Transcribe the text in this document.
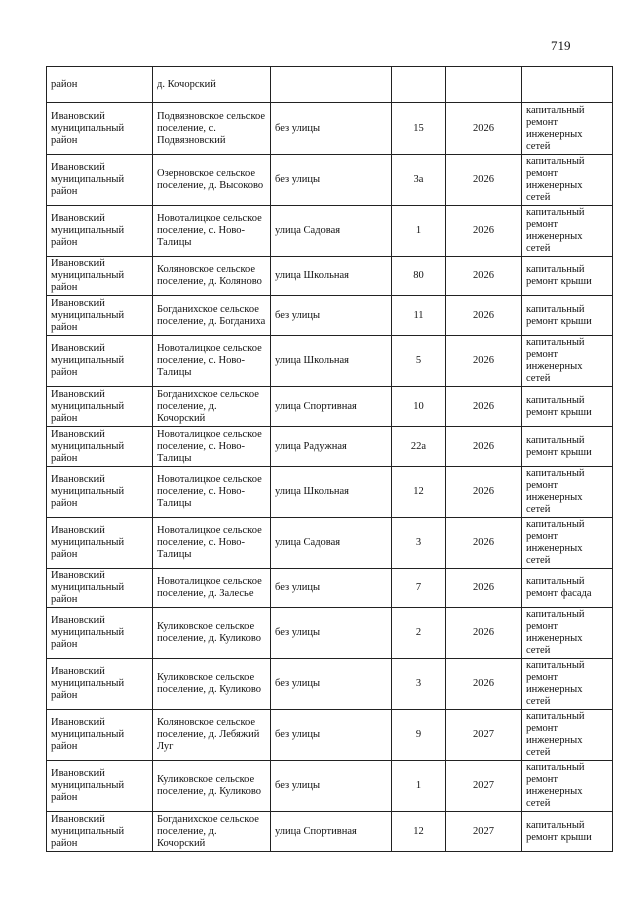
719
район	д. Кочорский				
Ивановский муниципальный район	Подвязновское сельское поселение, с. Подвязновский	без улицы	15	2026	капитальный ремонт инженерных сетей
Ивановский муниципальный район	Озерновское сельское поселение, д. Высоково	без улицы	3а	2026	капитальный ремонт инженерных сетей
Ивановский муниципальный район	Новоталицкое сельское поселение, с. Ново-Талицы	улица Садовая	1	2026	капитальный ремонт инженерных сетей
Ивановский муниципальный район	Коляновское сельское поселение, д. Коляново	улица Школьная	80	2026	капитальный ремонт крыши
Ивановский муниципальный район	Богданихское сельское поселение, д. Богданиха	без улицы	11	2026	капитальный ремонт крыши
Ивановский муниципальный район	Новоталицкое сельское поселение, с. Ново-Талицы	улица Школьная	5	2026	капитальный ремонт инженерных сетей
Ивановский муниципальный район	Богданихское сельское поселение, д. Кочорский	улица Спортивная	10	2026	капитальный ремонт крыши
Ивановский муниципальный район	Новоталицкое сельское поселение, с. Ново-Талицы	улица Радужная	22а	2026	капитальный ремонт крыши
Ивановский муниципальный район	Новоталицкое сельское поселение, с. Ново-Талицы	улица Школьная	12	2026	капитальный ремонт инженерных сетей
Ивановский муниципальный район	Новоталицкое сельское поселение, с. Ново-Талицы	улица Садовая	3	2026	капитальный ремонт инженерных сетей
Ивановский муниципальный район	Новоталицкое сельское поселение, д. Залесье	без улицы	7	2026	капитальный ремонт фасада
Ивановский муниципальный район	Куликовское сельское поселение, д. Куликово	без улицы	2	2026	капитальный ремонт инженерных сетей
Ивановский муниципальный район	Куликовское сельское поселение, д. Куликово	без улицы	3	2026	капитальный ремонт инженерных сетей
Ивановский муниципальный район	Коляновское сельское поселение, д. Лебяжий Луг	без улицы	9	2027	капитальный ремонт инженерных сетей
Ивановский муниципальный район	Куликовское сельское поселение, д. Куликово	без улицы	1	2027	капитальный ремонт инженерных сетей
Ивановский муниципальный район	Богданихское сельское поселение, д. Кочорский	улица Спортивная	12	2027	капитальный ремонт крыши
